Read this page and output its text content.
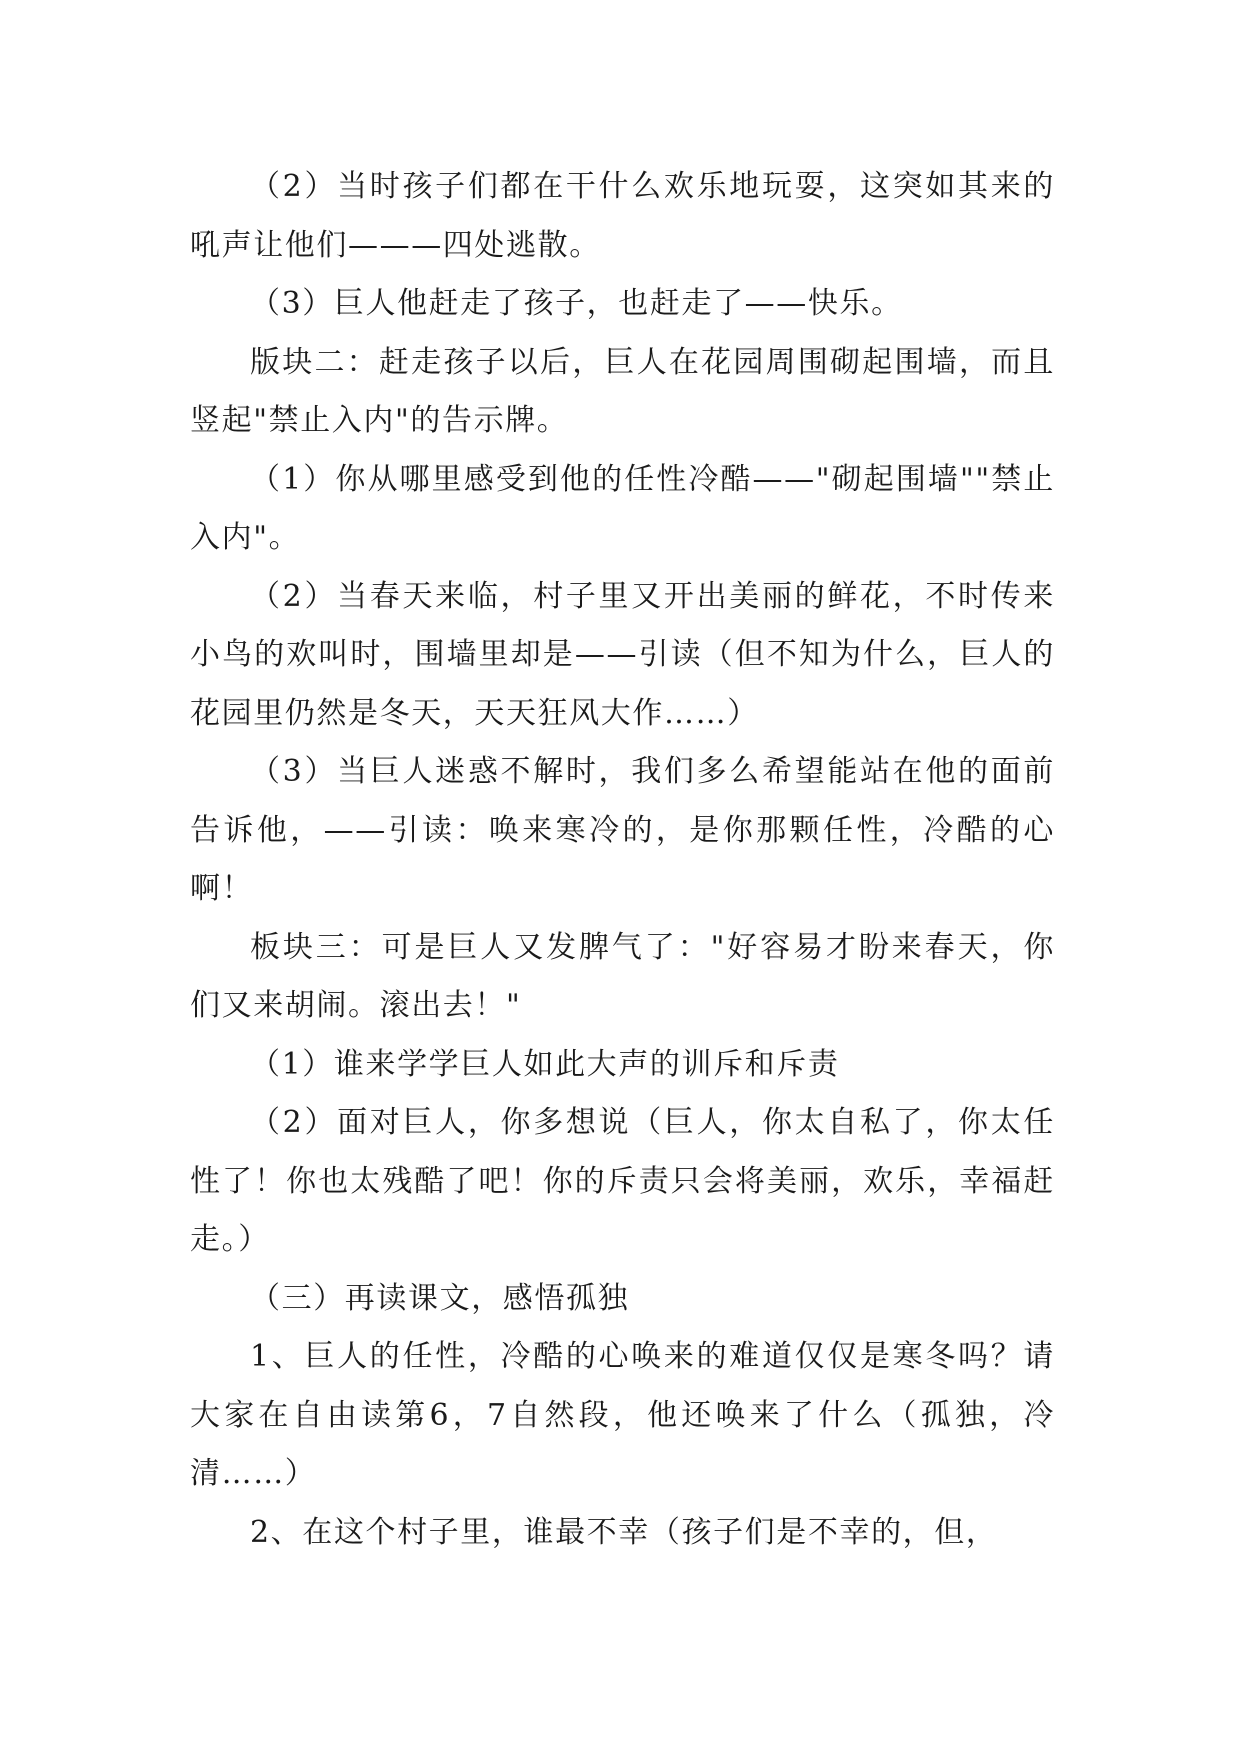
（2）当时孩子们都在干什么欢乐地玩耍，这突如其来的吼声让他们———四处逃散。

（3）巨人他赶走了孩子，也赶走了——快乐。

版块二：赶走孩子以后，巨人在花园周围砌起围墙，而且竖起"禁止入内"的告示牌。

（1）你从哪里感受到他的任性冷酷——"砌起围墙""禁止入内"。

（2）当春天来临，村子里又开出美丽的鲜花，不时传来小鸟的欢叫时，围墙里却是——引读（但不知为什么，巨人的花园里仍然是冬天，天天狂风大作……）

（3）当巨人迷惑不解时，我们多么希望能站在他的面前告诉他，——引读：唤来寒冷的，是你那颗任性，冷酷的心啊！

板块三：可是巨人又发脾气了："好容易才盼来春天，你们又来胡闹。滚出去！"

（1）谁来学学巨人如此大声的训斥和斥责

（2）面对巨人，你多想说（巨人，你太自私了，你太任性了！你也太残酷了吧！你的斥责只会将美丽，欢乐，幸福赶走。）

（三）再读课文，感悟孤独

1、巨人的任性，冷酷的心唤来的难道仅仅是寒冬吗？请大家在自由读第6，7自然段，他还唤来了什么（孤独，冷清……）

2、在这个村子里，谁最不幸（孩子们是不幸的，但，
